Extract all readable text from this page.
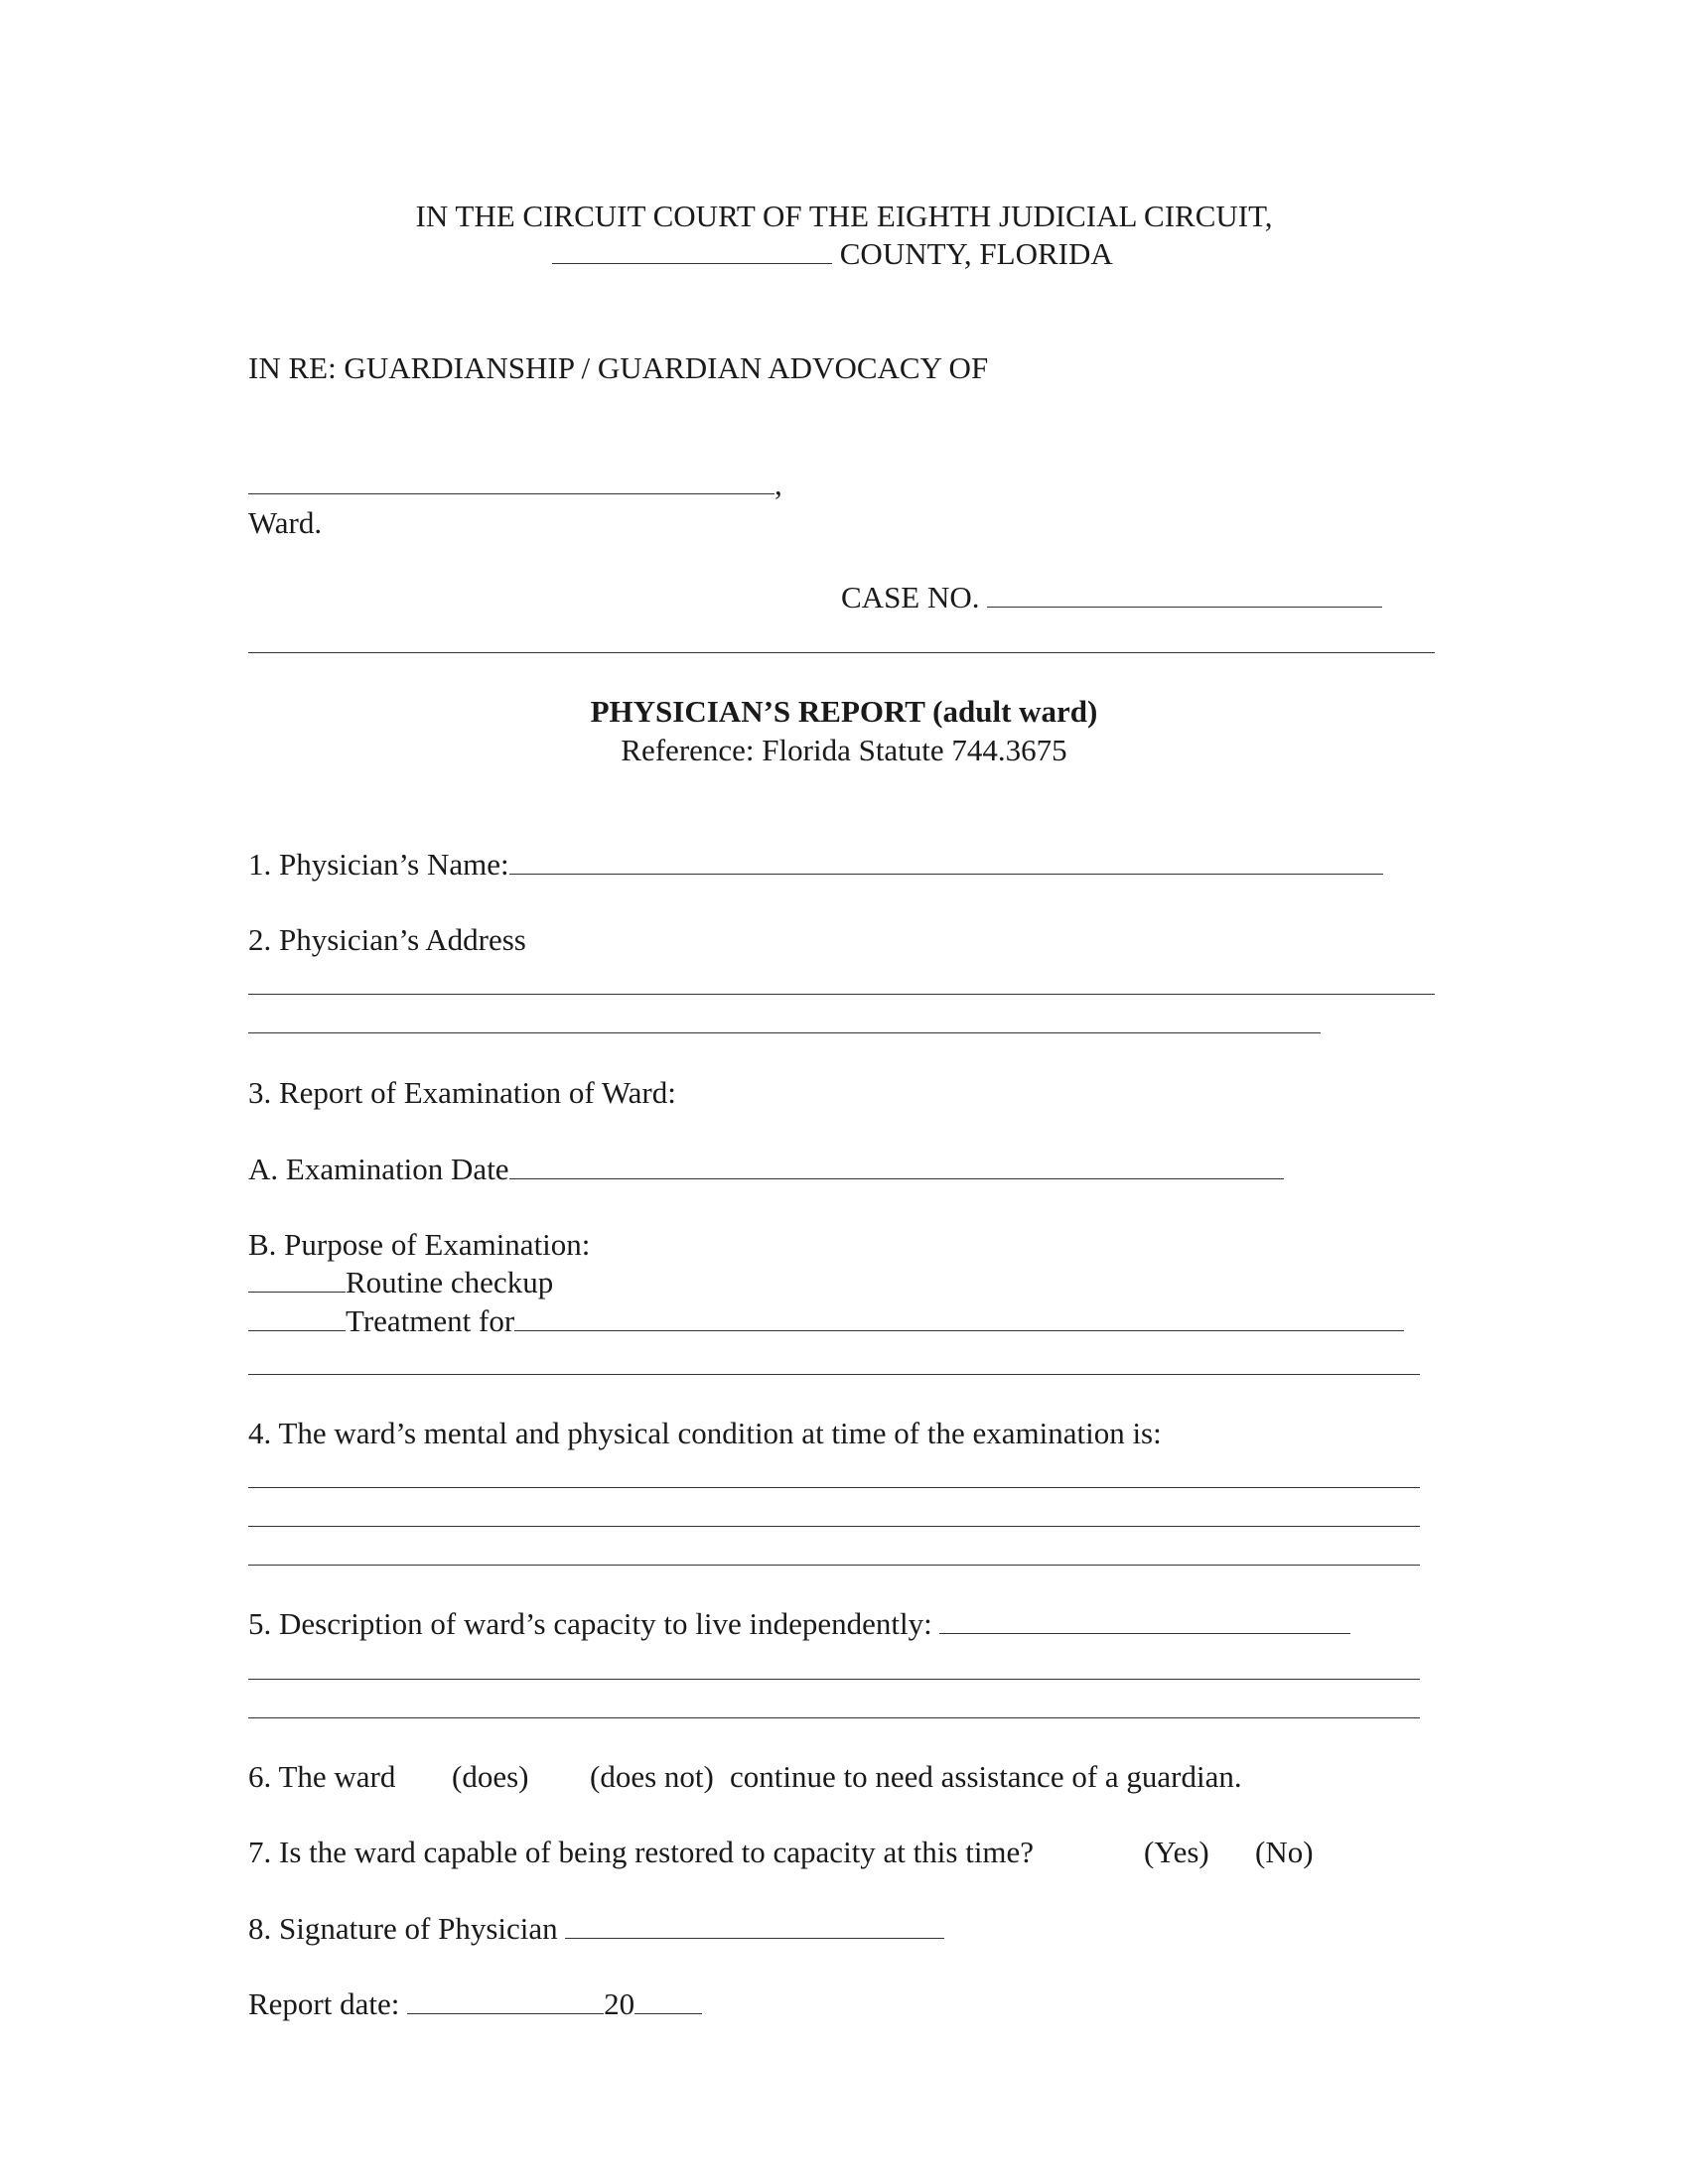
IN THE CIRCUIT COURT OF THE EIGHTH JUDICIAL CIRCUIT,
COUNTY, FLORIDA
IN RE: GUARDIANSHIP / GUARDIAN ADVOCACY OF
,
Ward.
CASE NO.
PHYSICIAN’S REPORT (adult ward)
Reference: Florida Statute 744.3675
1. Physician’s Name:
2. Physician’s Address
3. Report of Examination of Ward:
A. Examination Date
B. Purpose of Examination:
Routine checkup
Treatment for
4. The ward’s mental and physical condition at time of the examination is:
5. Description of ward’s capacity to live independently:
6. The ward (does) (does not) continue to need assistance of a guardian.
7. Is the ward capable of being restored to capacity at this time?	(Yes) (No)
8. Signature of Physician
Report date:	20
